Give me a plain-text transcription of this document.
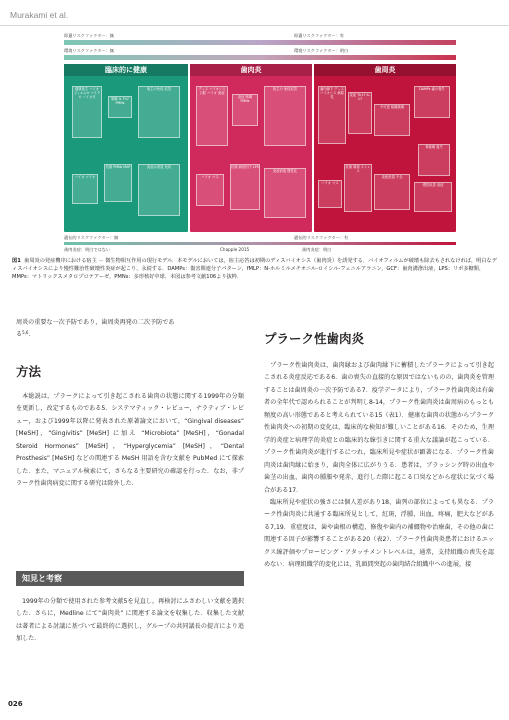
Murakami et al.
即遺リスクファクター：無	即遺リスクファクター：有
環境リスクファクター：無	環境リスクファクター：明白
臨床的に健康
健康宿主 バイオ フィルム↔ マイクロ バイオタ	制御 IL Th7 PMNs
宿主の免疫 応答
炎症は消退 免疫
バイオ マイオ
抗菌 PMNs MAP
歯肉炎
ディス バイオシス 口腔 バイオ 炎症
炎症 制御 PMNs
宿主の 免疫応答
炎症消退 慢性化
バイオ マス
抗菌 病因因子 LPS
歯周炎
歯肉縁下 ディス バイオシス 病原性
炎症 Th17 IL-17
不可逆 組織破壊
炎症消退 不全
DAMPs 歯の喪失
骨破壊 喪失
バイオ マス
抗菌 環境 ストレス
慢性疾患 炎症
遺伝的リスクファクター：無	遺伝的リスクファクター：有
歯肉炎症：明白ではない	Chapple 2015	歯肉炎症：明白
図1 歯周炎の発症機序における宿主 － 微生物相互作用の現行モデル．本モデルにおいては，宿主応答は初期のディスバイオシス（歯肉炎）を誘発する．バイオフィルムが破壊も除去もされなければ，明白なディスバイオシスにより慢性難治性破壊性炎症が起こり，永続する．DAMPs：傷害関連分子パターン，fMLP：N-ホルミルメチオニル-ロイシル-フェニルアラニン，GCF：歯肉溝滲出液，LPS：リポ多糖類，MMPs：マトリックスメタロプロテアーゼ，PMNs：多形核好中球．本図は参考文献106より抜粋．
周炎の重要な一次予防であり，歯周炎再発の二次予防であ
る$^{5,6}$．
方法

本総説は，プラークによって引き起こされる歯肉の状態に関する1999年の分類を更新し，改定するものである5．システマティック・レビュー，ナラティブ・レビュー，および1999年以降に発表された原著論文において，“Gingival diseases” [MeSH]，“Gingivitis” [MeSH] に加え “Microbiota” [MeSH]，“Gonadal Steroid Hormones” [MeSH]，“Hyperglycemia” [MeSH]，“Dental Prosthesis” [MeSH] などの関連する MeSH 用語を含む文献を PubMed にて探索した．また，マニュアル検索にて，さらなる主要研究の確認を行った．なお，非プラーク性歯肉病変に関する研究は除外した．

知見と考察

1999年の分類で使用された参考文献5を見直し，再検討にふさわしい文献を選択した．さらに，Medline にて“歯肉炎” に関連する論文を収集した．収集した文献は著者による討議に基づいて最終的に選択し，グループの共同議長の提言により追加した．

プラーク性歯肉炎

プラーク性歯肉炎は，歯肉縁および歯肉縁下に蓄積したプラークによって引き起こされる炎症反応である6．歯の喪失の直接的な原因ではないものの，歯肉炎を管理することは歯周炎の一次予防である7．疫学データにより，プラーク性歯肉炎は有歯者の全年代で認められることが判明し8-14，プラーク性歯肉炎は歯周病のもっとも頻度の高い形態であると考えられている15（表1）．健康な歯肉の状態からプラーク性歯肉炎への初期の変化は，臨床的な検知が難しいことがある16．そのため，生理学的炎症と病理学的炎症との臨床的な線引きに関する重大な議論が起こっている．プラーク性歯肉炎が進行するにつれ，臨床所見や症状が顕著になる．プラーク性歯肉炎は歯肉縁に始まり，歯肉全体に広がりうる．患者は，ブラッシング時の出血や歯茎の出血，歯肉の腫脹や発赤，進行した際に起こる口臭などから症状に気づく場合がある17．

臨床所見や症状の強さには個人差があり18，歯列の部位によっても異なる．プラーク性歯肉炎に共通する臨床所見として，紅斑，浮腫，出血，疼痛，肥大などがある7,19．重症度は，歯や歯根の構造，修復や歯内の補綴物や治療歯，その他の歯に関連する因子が影響することがある20（表2）．プラーク性歯肉炎患者におけるエックス線評価やプロービング・アタッチメントレベルは，通常，支持組織の喪失を認めない．病理組織学的変化には，乳頭間突起の歯肉結合組織中への進展，接

026
